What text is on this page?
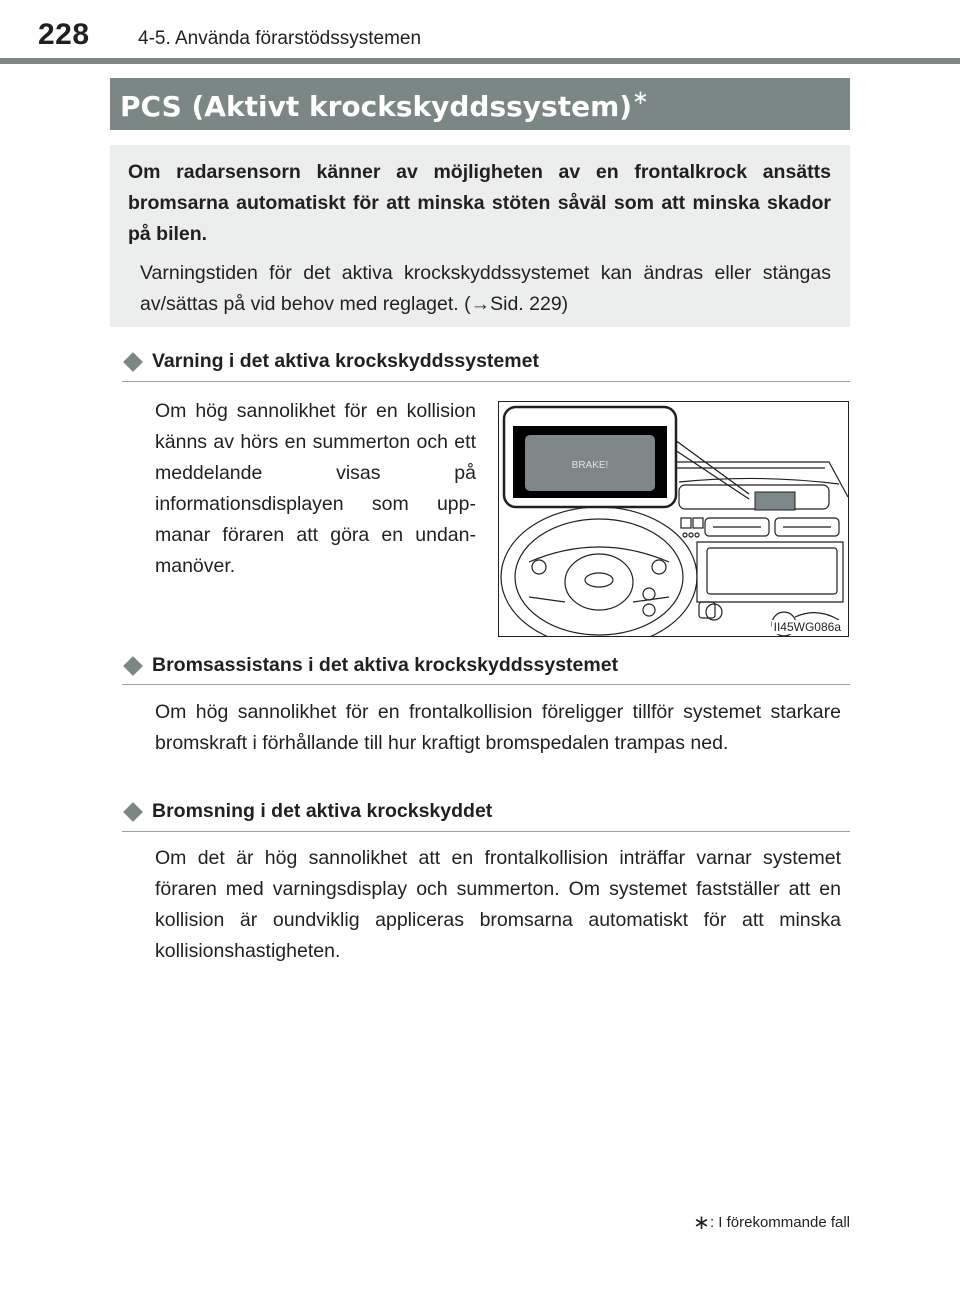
228	4-5. Använda förarstödssystemen
PCS (Aktivt krockskyddssystem)∗
Om radarsensorn känner av möjligheten av en frontalkrock ansätts bromsarna automatiskt för att minska stöten såväl som att minska skador på bilen.
Varningstiden för det aktiva krockskyddssystemet kan ändras eller stängas av/sättas på vid behov med reglaget. (→Sid. 229)
Varning i det aktiva krockskyddssystemet
Om hög sannolikhet för en kollision känns av hörs en summerton och ett meddelande visas på informationsdisplayen som uppmanar föraren att göra en undanmanöver.
BRAKE!
II45WG086a
Bromsassistans i det aktiva krockskyddssystemet
Om hög sannolikhet för en frontalkollision föreligger tillför systemet starkare bromskraft i förhållande till hur kraftigt bromspedalen trampas ned.
Bromsning i det aktiva krockskyddet
Om det är hög sannolikhet att en frontalkollision inträffar varnar systemet föraren med varningsdisplay och summerton. Om systemet fastställer att en kollision är oundviklig appliceras bromsarna automatiskt för att minska kollisionshastigheten.
∗: I förekommande fall
